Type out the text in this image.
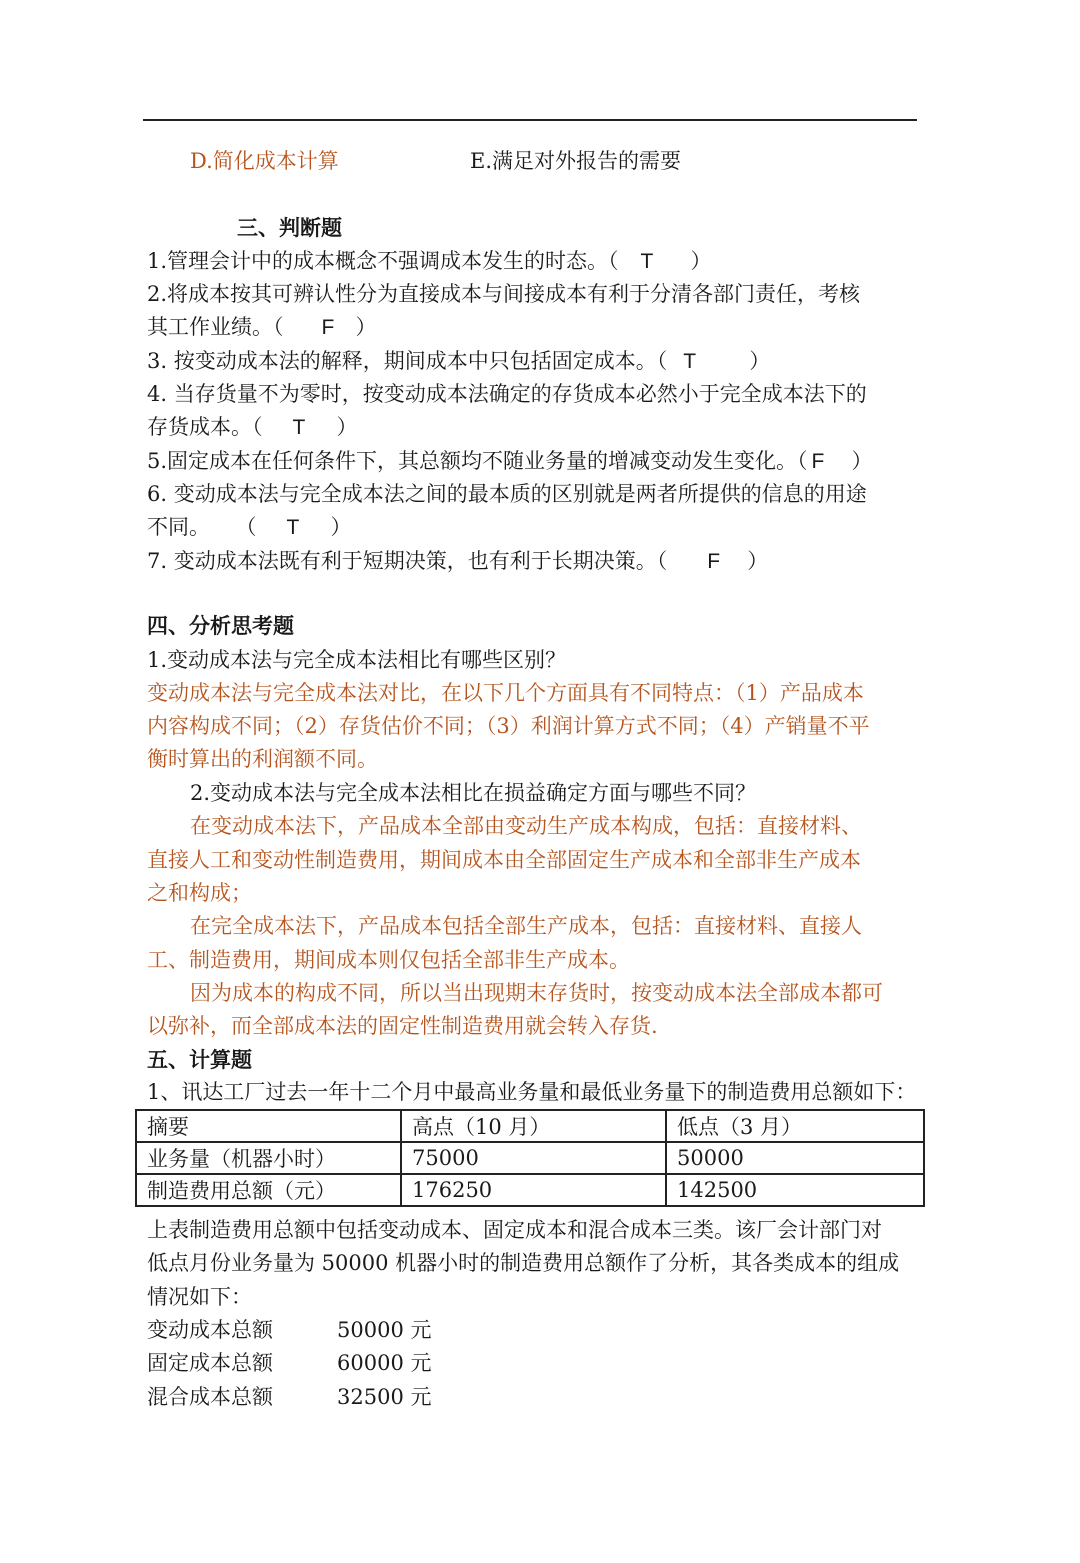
D.简化成本计算	E.满足对外报告的需要
三、判断题
1.管理会计中的成本概念不强调成本发生的时态。（ T ）
2.将成本按其可辨认性分为直接成本与间接成本有利于分清各部门责任，考核
其工作业绩。（ F ）
3. 按变动成本法的解释，期间成本中只包括固定成本。（ T	）
4. 当存货量不为零时，按变动成本法确定的存货成本必然小于完全成本法下的
存货成本。（ T ）
5.固定成本在任何条件下，其总额均不随业务量的增减变动发生变化。（ F ）
6. 变动成本法与完全成本法之间的最本质的区别就是两者所提供的信息的用途
不同。 （ T ）
7. 变动成本法既有利于短期决策，也有利于长期决策。（ F ）
四、分析思考题
1.变动成本法与完全成本法相比有哪些区别？
变动成本法与完全成本法对比，在以下几个方面具有不同特点：（1）产品成本
内容构成不同；（2）存货估价不同；（3）利润计算方式不同；（4）产销量不平
衡时算出的利润额不同。
2.变动成本法与完全成本法相比在损益确定方面与哪些不同？
在变动成本法下，产品成本全部由变动生产成本构成，包括：直接材料、
直接人工和变动性制造费用，期间成本由全部固定生产成本和全部非生产成本
之和构成；
在完全成本法下，产品成本包括全部生产成本，包括：直接材料、直接人
工、制造费用，期间成本则仅包括全部非生产成本。
因为成本的构成不同，所以当出现期末存货时，按变动成本法全部成本都可
以弥补，而全部成本法的固定性制造费用就会转入存货.
五、计算题
1、讯达工厂过去一年十二个月中最高业务量和最低业务量下的制造费用总额如下：
摘要	高点（10 月）	低点（3 月）
业务量（机器小时）	75000	50000
制造费用总额（元）	176250	142500
上表制造费用总额中包括变动成本、固定成本和混合成本三类。该厂会计部门对
低点月份业务量为 50000 机器小时的制造费用总额作了分析，其各类成本的组成
情况如下：
变动成本总额	50000 元
固定成本总额	60000 元
混合成本总额	32500 元
